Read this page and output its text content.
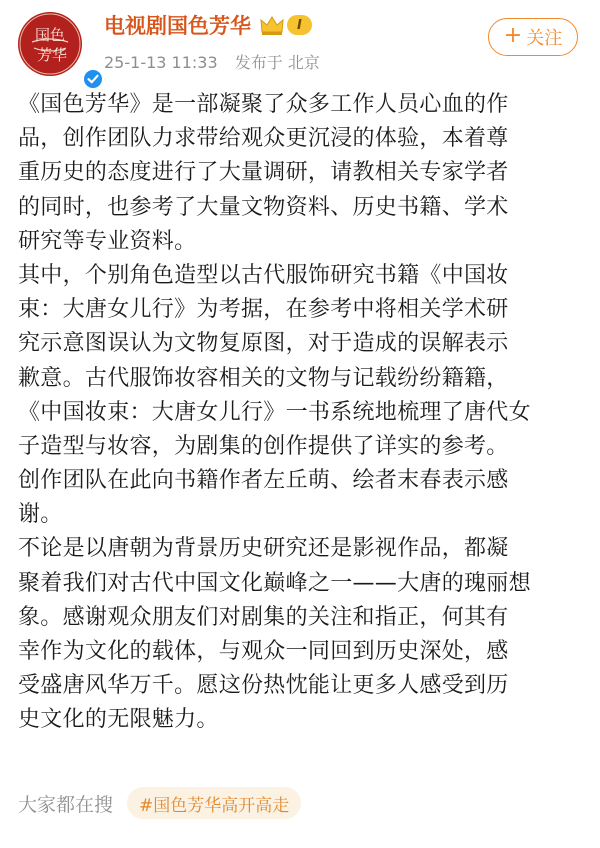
国色
芳华
电视剧国色芳华	I
25-1-13 11:33 发布于 北京
+ 关注
《国色芳华》是一部凝聚了众多工作人员心血的作
品，创作团队力求带给观众更沉浸的体验，本着尊
重历史的态度进行了大量调研，请教相关专家学者
的同时，也参考了大量文物资料、历史书籍、学术
研究等专业资料。
其中，个别角色造型以古代服饰研究书籍《中国妆
束：大唐女儿行》为考据，在参考中将相关学术研
究示意图误认为文物复原图，对于造成的误解表示
歉意。古代服饰妆容相关的文物与记载纷纷籍籍，
《中国妆束：大唐女儿行》一书系统地梳理了唐代女
子造型与妆容，为剧集的创作提供了详实的参考。
创作团队在此向书籍作者左丘萌、绘者末春表示感
谢。
不论是以唐朝为背景历史研究还是影视作品，都凝
聚着我们对古代中国文化巅峰之一——大唐的瑰丽想
象。感谢观众朋友们对剧集的关注和指正，何其有
幸作为文化的载体，与观众一同回到历史深处，感
受盛唐风华万千。愿这份热忱能让更多人感受到历
史文化的无限魅力。
大家都在搜	#国色芳华高开高走
